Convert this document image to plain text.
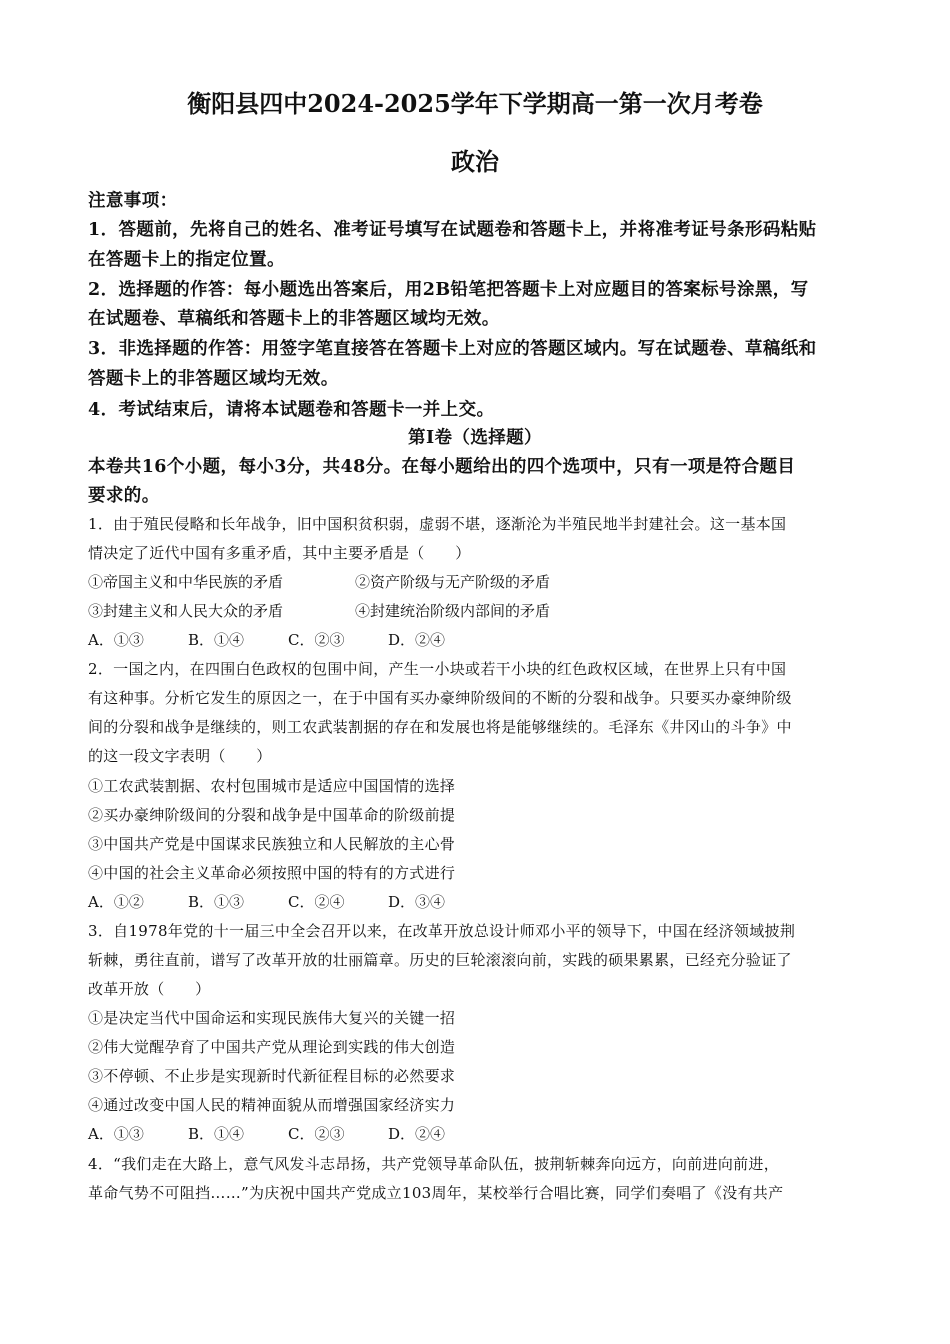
衡阳县四中2024-2025学年下学期高一第一次月考卷
政治
注意事项：
1．答题前，先将自己的姓名、准考证号填写在试题卷和答题卡上，并将准考证号条形码粘贴
在答题卡上的指定位置。
2．选择题的作答：每小题选出答案后，用2B铅笔把答题卡上对应题目的答案标号涂黑，写
在试题卷、草稿纸和答题卡上的非答题区域均无效。
3．非选择题的作答：用签字笔直接答在答题卡上对应的答题区域内。写在试题卷、草稿纸和
答题卡上的非答题区域均无效。
4．考试结束后，请将本试题卷和答题卡一并上交。
第Ⅰ卷（选择题）
本卷共16个小题，每小3分，共48分。在每小题给出的四个选项中，只有一项是符合题目
要求的。
1．由于殖民侵略和长年战争，旧中国积贫积弱，虚弱不堪，逐渐沦为半殖民地半封建社会。这一基本国
情决定了近代中国有多重矛盾，其中主要矛盾是（　　）
①帝国主义和中华民族的矛盾	②资产阶级与无产阶级的矛盾
③封建主义和人民大众的矛盾	④封建统治阶级内部间的矛盾
A．①③	B．①④	C．②③	D．②④
2．一国之内，在四围白色政权的包围中间，产生一小块或若干小块的红色政权区域，在世界上只有中国
有这种事。分析它发生的原因之一，在于中国有买办豪绅阶级间的不断的分裂和战争。只要买办豪绅阶级
间的分裂和战争是继续的，则工农武装割据的存在和发展也将是能够继续的。毛泽东《井冈山的斗争》中
的这一段文字表明（　　）
①工农武装割据、农村包围城市是适应中国国情的选择
②买办豪绅阶级间的分裂和战争是中国革命的阶级前提
③中国共产党是中国谋求民族独立和人民解放的主心骨
④中国的社会主义革命必须按照中国的特有的方式进行
A．①②	B．①③	C．②④	D．③④
3．自1978年党的十一届三中全会召开以来，在改革开放总设计师邓小平的领导下，中国在经济领域披荆
斩棘，勇往直前，谱写了改革开放的壮丽篇章。历史的巨轮滚滚向前，实践的硕果累累，已经充分验证了
改革开放（　　）
①是决定当代中国命运和实现民族伟大复兴的关键一招
②伟大觉醒孕育了中国共产党从理论到实践的伟大创造
③不停顿、不止步是实现新时代新征程目标的必然要求
④通过改变中国人民的精神面貌从而增强国家经济实力
A．①③	B．①④	C．②③	D．②④
4．“我们走在大路上，意气风发斗志昂扬，共产党领导革命队伍，披荆斩棘奔向远方，向前进向前进，
革命气势不可阻挡……”为庆祝中国共产党成立103周年，某校举行合唱比赛，同学们奏唱了《没有共产
